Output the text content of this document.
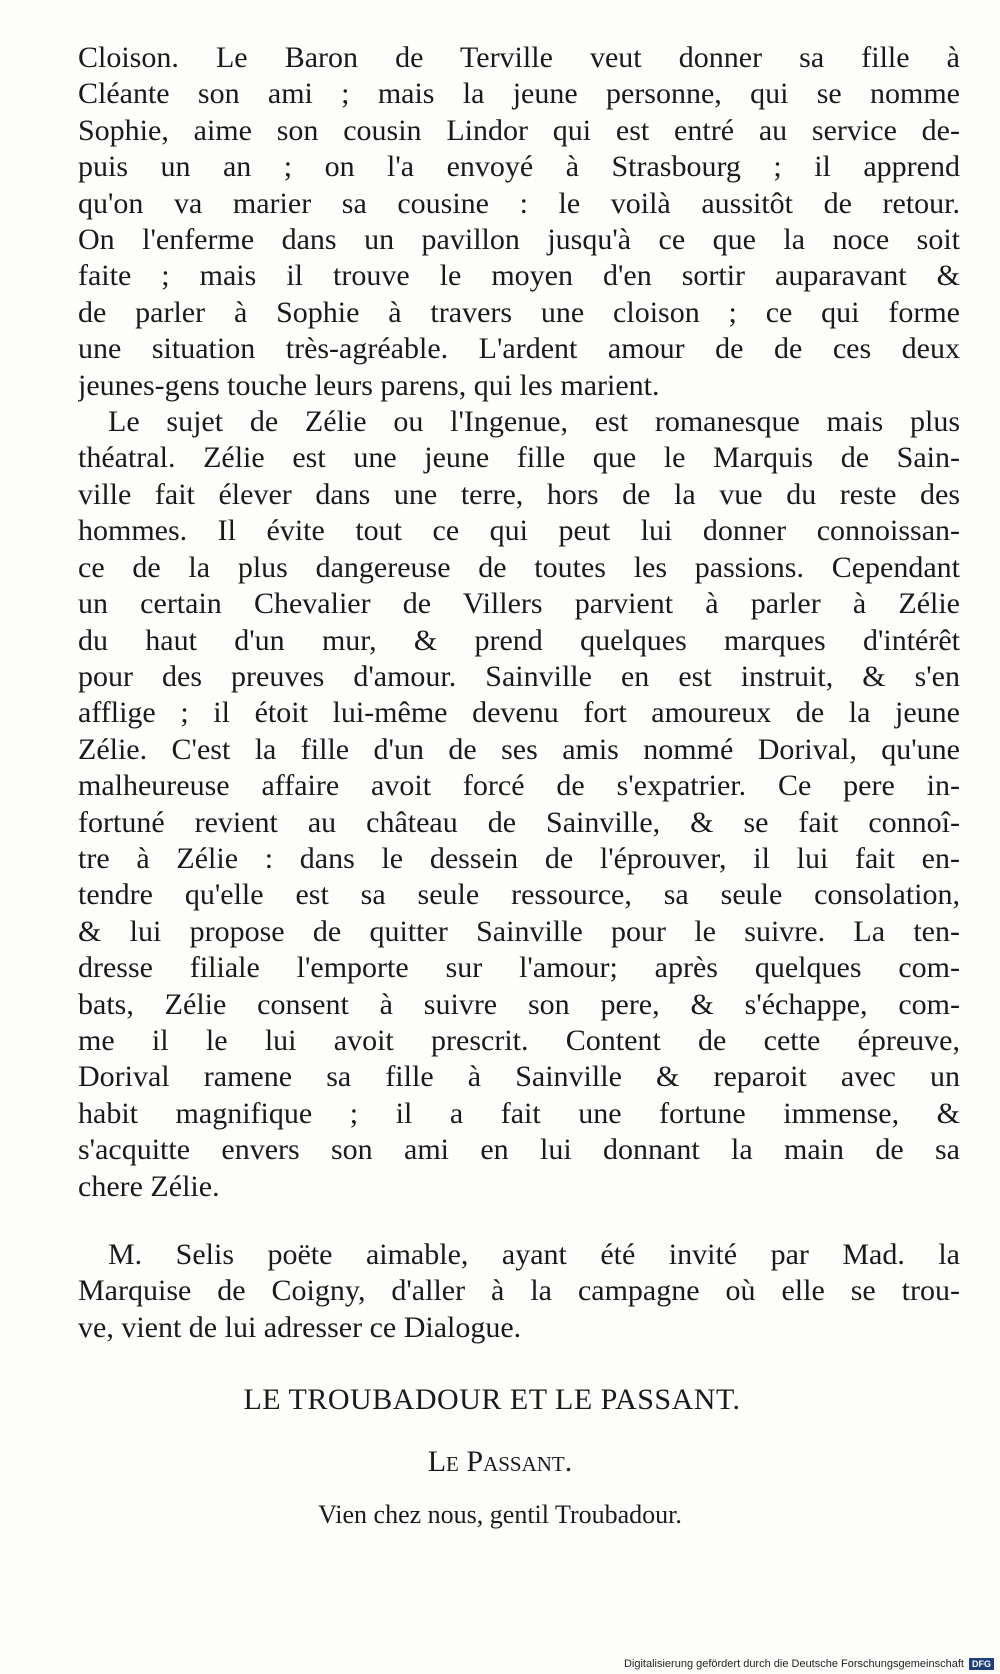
Cloison. Le Baron de Terville veut donner sa fille à
Cléante son ami ; mais la jeune personne, qui se nomme
Sophie, aime son cousin Lindor qui est entré au service de-
puis un an ; on l'a envoyé à Strasbourg ; il apprend
qu'on va marier sa cousine : le voilà aussitôt de retour.
On l'enferme dans un pavillon jusqu'à ce que la noce soit
faite ; mais il trouve le moyen d'en sortir auparavant &
de parler à Sophie à travers une cloison ; ce qui forme
une situation très-agréable. L'ardent amour de de ces deux
jeunes-gens touche leurs parens, qui les marient.
Le sujet de Zélie ou l'Ingenue, est romanesque mais plus
théatral. Zélie est une jeune fille que le Marquis de Sain-
ville fait élever dans une terre, hors de la vue du reste des
hommes. Il évite tout ce qui peut lui donner connoissan-
ce de la plus dangereuse de toutes les passions. Cependant
un certain Chevalier de Villers parvient à parler à Zélie
du haut d'un mur, & prend quelques marques d'intérêt
pour des preuves d'amour. Sainville en est instruit, & s'en
afflige ; il étoit lui-même devenu fort amoureux de la jeune
Zélie. C'est la fille d'un de ses amis nommé Dorival, qu'une
malheureuse affaire avoit forcé de s'expatrier. Ce pere in-
fortuné revient au château de Sainville, & se fait connoî-
tre à Zélie : dans le dessein de l'éprouver, il lui fait en-
tendre qu'elle est sa seule ressource, sa seule consolation,
& lui propose de quitter Sainville pour le suivre. La ten-
dresse filiale l'emporte sur l'amour; après quelques com-
bats, Zélie consent à suivre son pere, & s'échappe, com-
me il le lui avoit prescrit. Content de cette épreuve,
Dorival ramene sa fille à Sainville & reparoit avec un
habit magnifique ; il a fait une fortune immense, &
s'acquitte envers son ami en lui donnant la main de sa
chere Zélie.
M. Selis poëte aimable, ayant été invité par Mad. la
Marquise de Coigny, d'aller à la campagne où elle se trou-
ve, vient de lui adresser ce Dialogue.
LE TROUBADOUR ET LE PASSANT.
Le Passant.
Vien chez nous, gentil Troubadour.
Digitalisierung gefördert durch die Deutsche Forschungsgemeinschaft DFG
